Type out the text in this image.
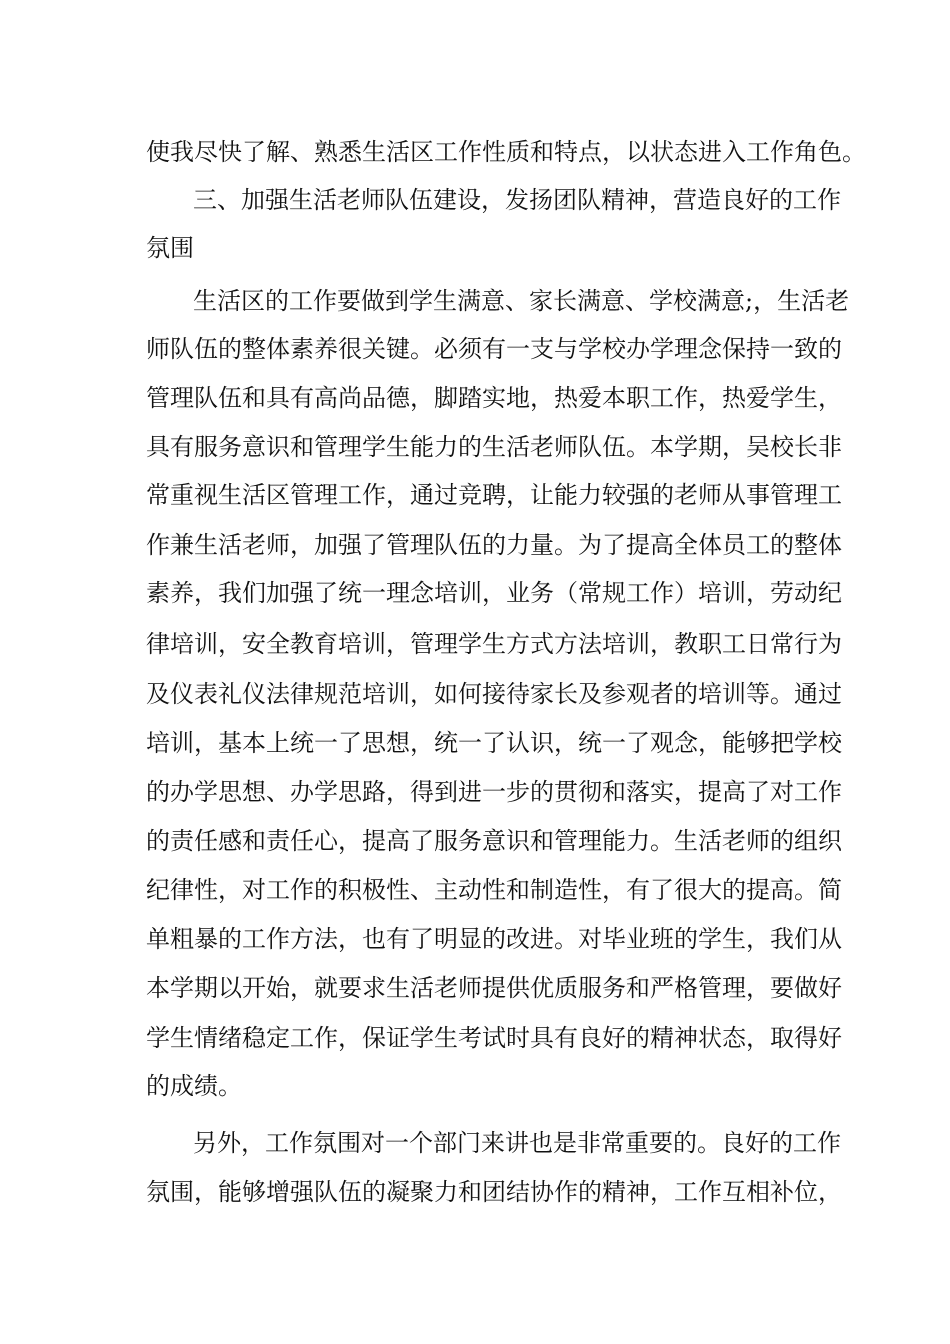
使我尽快了解、熟悉生活区工作性质和特点，以状态进入工作角色。
三、加强生活老师队伍建设，发扬团队精神，营造良好的工作
氛围
生活区的工作要做到学生满意、家长满意、学校满意;，生活老
师队伍的整体素养很关键。必须有一支与学校办学理念保持一致的
管理队伍和具有高尚品德，脚踏实地，热爱本职工作，热爱学生，
具有服务意识和管理学生能力的生活老师队伍。本学期，吴校长非
常重视生活区管理工作，通过竞聘，让能力较强的老师从事管理工
作兼生活老师，加强了管理队伍的力量。为了提高全体员工的整体
素养，我们加强了统一理念培训，业务（常规工作）培训，劳动纪
律培训，安全教育培训，管理学生方式方法培训，教职工日常行为
及仪表礼仪法律规范培训，如何接待家长及参观者的培训等。通过
培训，基本上统一了思想，统一了认识，统一了观念，能够把学校
的办学思想、办学思路，得到进一步的贯彻和落实，提高了对工作
的责任感和责任心，提高了服务意识和管理能力。生活老师的组织
纪律性，对工作的积极性、主动性和制造性，有了很大的提高。简
单粗暴的工作方法，也有了明显的改进。对毕业班的学生，我们从
本学期以开始，就要求生活老师提供优质服务和严格管理，要做好
学生情绪稳定工作，保证学生考试时具有良好的精神状态，取得好
的成绩。
另外，工作氛围对一个部门来讲也是非常重要的。良好的工作
氛围，能够增强队伍的凝聚力和团结协作的精神，工作互相补位，
